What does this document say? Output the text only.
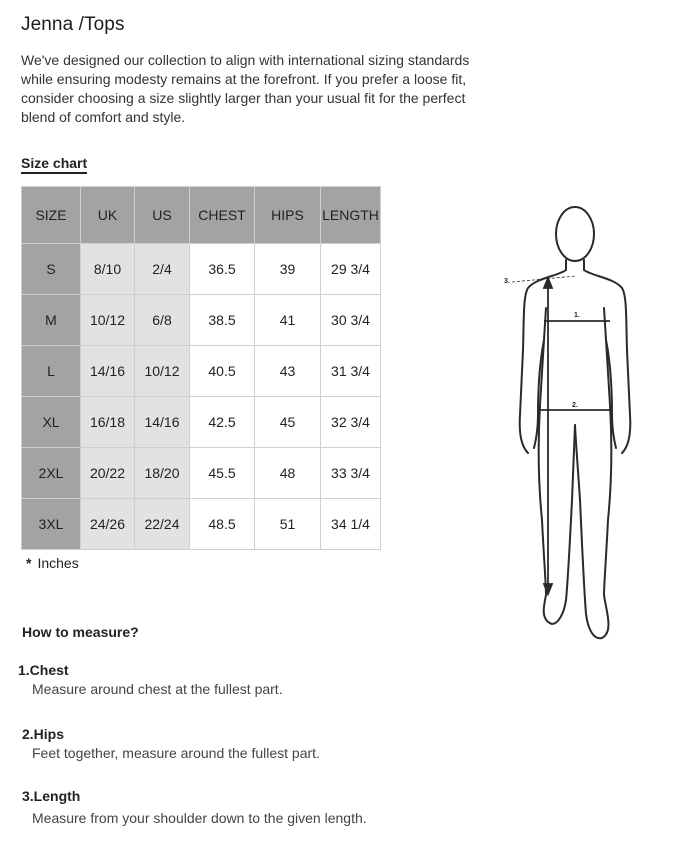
Jenna /Tops
We've designed our collection to align with international sizing standards
while ensuring modesty remains at the forefront. If you prefer a loose fit,
consider choosing a size slightly larger than your usual fit for the perfect
blend of comfort and style.
Size chart
SIZE	UK	US	CHEST	HIPS	LENGTH
S	8/10	2/4	36.5	39	29 3/4
M	10/12	6/8	38.5	41	30 3/4
L	14/16	10/12	40.5	43	31 3/4
XL	16/18	14/16	42.5	45	32 3/4
2XL	20/22	18/20	45.5	48	33 3/4
3XL	24/26	22/24	48.5	51	34 1/4
* Inches
How to measure?
1.Chest
Measure around chest at the fullest part.
2.Hips
Feet together, measure around the fullest part.
3.Length
Measure from your shoulder down to the given length.
1.
2.
3.
